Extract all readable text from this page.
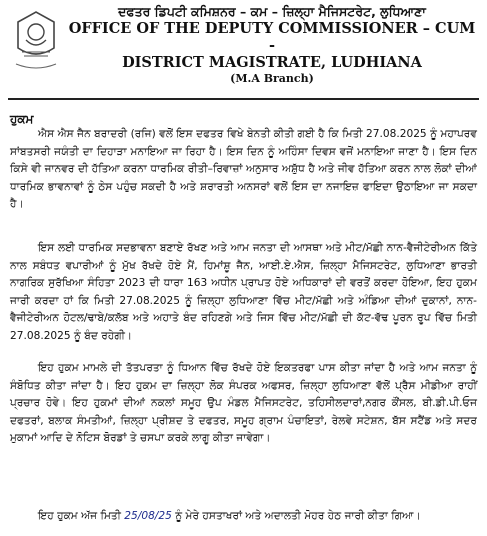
ਦਫਤਰ ਡਿਪਟੀ ਕਮਿਸ਼ਨਰ – ਕਮ – ਜ਼ਿਲ੍ਹਾ ਮੈਜਿਸਟਰੇਟ, ਲੁਧਿਆਣਾ

OFFICE OF THE DEPUTY COMMISSIONER – CUM -

DISTRICT MAGISTRATE, LUDHIANA

(M.A Branch)

ਹੁਕਮ

ਐਸ ਐਸ ਜੈਨ ਬਰਾਦਰੀ (ਰਜਿ) ਵਲੋਂ ਇਸ ਦਫਤਰ ਵਿਖੇ ਬੇਨਤੀ ਕੀਤੀ ਗਈ ਹੈ ਕਿ ਮਿਤੀ 27.08.2025 ਨੂੰ ਮਹਾਪਰਵ ਸਾਂਬਤਸਰੀ ਜਯੰਤੀ ਦਾ ਦਿਹਾੜਾ ਮਨਾਇਆ ਜਾ ਰਿਹਾ ਹੈ। ਇਸ ਦਿਨ ਨੂੰ ਅਹਿੰਸਾ ਦਿਵਸ ਵਜੋਂ ਮਨਾਇਆ ਜਾਣਾ ਹੈ। ਇਸ ਦਿਨ ਕਿਸੇ ਵੀ ਜਾਨਵਰ ਦੀ ਹੱਤਿਆ ਕਰਨਾ ਧਾਰਮਿਕ ਰੀਤੀ–ਰਿਵਾਜ਼ਾਂ ਅਨੁਸਾਰ ਅਸ਼ੁੱਧ ਹੈ ਅਤੇ ਜੀਵ ਹੱਤਿਆ ਕਰਨ ਨਾਲ ਲੋਕਾਂ ਦੀਆਂ ਧਾਰਮਿਕ ਭਾਵਨਾਵਾਂ ਨੂੰ ਠੇਸ ਪਹੁੰਚ ਸਕਦੀ ਹੈ ਅਤੇ ਸ਼ਰਾਰਤੀ ਅਨਸਰਾਂ ਵਲੋਂ ਇਸ ਦਾ ਨਜਾਇਜ਼ ਫਾਇਦਾ ਉਠਾਇਆ ਜਾ ਸਕਦਾ ਹੈ।

ਇਸ ਲਈ ਧਾਰਮਿਕ ਸਦਭਾਵਨਾ ਬਣਾਏ ਰੱਖਣ ਅਤੇ ਆਮ ਜਨਤਾ ਦੀ ਆਸਥਾ ਅਤੇ ਮੀਟ/ਮੱਛੀ ਨਾਨ-ਵੈਜੀਟੇਰੀਅਨ ਕਿੱਤੇ ਨਾਲ ਸਬੰਧਤ ਵਪਾਰੀਆਂ ਨੂੰ ਮੁੱਖ ਰੱਖਦੇ ਹੋਏ ਮੈਂ, ਹਿਮਾਂਸ਼ੂ ਜੈਨ, ਆਈ.ਏ.ਐਸ, ਜ਼ਿਲ੍ਹਾ ਮੈਜਿਸਟਰੇਟ, ਲੁਧਿਆਣਾ ਭਾਰਤੀ ਨਾਗਰਿਕ ਸੁਰੱਖਿਆ ਸੰਹਿਤਾ 2023 ਦੀ ਧਾਰਾ 163 ਅਧੀਨ ਪ੍ਰਾਪਤ ਹੋਏ ਅਧਿਕਾਰਾਂ ਦੀ ਵਰਤੋਂ ਕਰਦਾ ਹੋਇਆ, ਇਹ ਹੁਕਮ ਜਾਰੀ ਕਰਦਾ ਹਾਂ ਕਿ ਮਿਤੀ 27.08.2025 ਨੂੰ ਜ਼ਿਲ੍ਹਾ ਲੁਧਿਆਣਾ ਵਿੱਚ ਮੀਟ/ਮੱਛੀ ਅਤੇ ਅੰਡਿਆ ਦੀਆਂ ਦੁਕਾਨਾਂ, ਨਾਨ-ਵੈਜੀਟੇਰੀਅਨ ਹੋਟਲ/ਢਾਬੇ/ਕਲੱਬ ਅਤੇ ਅਹਾਤੇ ਬੰਦ ਰਹਿਣਗੇ ਅਤੇ ਜਿਸ ਵਿੱਚ ਮੀਟ/ਮੱਛੀ ਦੀ ਕੱਟ-ਵੱਢ ਪੂਰਨ ਰੂਪ ਵਿੱਚ ਮਿਤੀ 27.08.2025 ਨੂੰ ਬੰਦ ਰਹੇਗੀ।

ਇਹ ਹੁਕਮ ਮਾਮਲੇ ਦੀ ਤੱਤਪਰਤਾ ਨੂੰ ਧਿਆਨ ਵਿੱਚ ਰੱਖਦੇ ਹੋਏ ਇਕਤਰਫਾ ਪਾਸ ਕੀਤਾ ਜਾਂਦਾ ਹੈ ਅਤੇ ਆਮ ਜਨਤਾ ਨੂੰ ਸੰਬੋਧਿਤ ਕੀਤਾ ਜਾਂਦਾ ਹੈ। ਇਹ ਹੁਕਮ ਦਾ ਜ਼ਿਲ੍ਹਾ ਲੋਕ ਸੰਪਰਕ ਅਫਸਰ, ਜ਼ਿਲ੍ਹਾ ਲੁਧਿਆਣਾ ਵੱਲੋਂ ਪ੍ਰੈਸ ਮੀਡੀਆ ਰਾਹੀਂ ਪ੍ਰਚਾਰ ਹੋਵੇ। ਇਹ ਹੁਕਮਾਂ ਦੀਆਂ ਨਕਲਾਂ ਸਮੂਹ ਉਪ ਮੰਡਲ ਮੈਜਿਸਟਰੇਟ, ਤਹਿਸੀਲਦਾਰਾਂ,ਨਗਰ ਕੌਂਸਲ, ਬੀ.ਡੀ.ਪੀ.ਓਜ ਦਫਤਰਾਂ, ਬਲਾਕ ਸੰਮਤੀਆਂ, ਜ਼ਿਲ੍ਹਾ ਪ੍ਰੀਸ਼ਦ ਤੇ ਦਫਤਰ, ਸਮੂਹ ਗ੍ਰਾਮ ਪੰਚਾਇਤਾਂ, ਰੇਲਵੇ ਸਟੇਸ਼ਨ, ਬੱਸ ਸਟੈਂਡ ਅਤੇ ਸਦਰ ਮੁਕਾਮਾਂ ਆਦਿ ਦੇ ਨੋਟਿਸ ਬੋਰਡਾਂ ਤੇ ਚਸਪਾ ਕਰਕੇ ਲਾਗੂ ਕੀਤਾ ਜਾਵੇਗਾ।

ਇਹ ਹੁਕਮ ਅੱਜ ਮਿਤੀ 25/08/25 ਨੂੰ ਮੇਰੇ ਹਸਤਾਖਰਾਂ ਅਤੇ ਅਦਾਲਤੀ ਮੋਹਰ ਹੇਠ ਜਾਰੀ ਕੀਤਾ ਗਿਆ।
